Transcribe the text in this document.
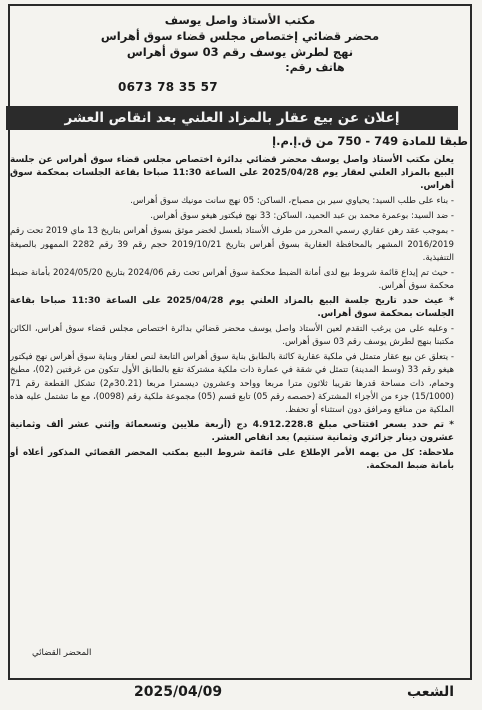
مكتب الأستاذ واصل يوسف
محضر قضائي إختصاص مجلس قضاء سوق أهراس
نهج لطرش يوسف رقم 03 سوق أهراس
هاتف رقم:
0673 78 35 57
إعلان عن بيع عقار بالمزاد العلني بعد انقاص العشر
طبقا للمادة 749 - 750 من ق.إ.م.إ

يعلن مكتب الأستاذ واصل يوسف محضر قضائي بدائرة اختصاص مجلس قضاء سوق أهراس عن جلسة البيع بالمزاد العلني لعقار يوم 2025/04/28 على الساعة 11:30 صباحا بقاعة الجلسات بمحكمة سوق أهراس.

- بناء على طلب السيد: يحياوي سير بن مصباح، الساكن: 05 نهج سانت مونيك سوق أهراس.

- ضد السيد: بوعمرة محمد بن عبد الحميد، الساكن: 33 نهج فيكتور هيغو سوق أهراس.

- بموجب عقد رهن عقاري رسمي المحرر من طرف الأستاذ بلعسل لخضر موثق بسوق أهراس بتاريخ 13 ماي 2019 تحت رقم 2016/2019 المشهر بالمحافظة العقارية بسوق أهراس بتاريخ 2019/10/21 حجم رقم 39 رقم 2282 الممهور بالصيغة التنفيذية.

- حيث تم إيداع قائمة شروط بيع لدى أمانة الضبط محكمة سوق أهراس تحت رقم 2024/06 بتاريخ 2024/05/20 بأمانة ضبط محكمة سوق أهراس.

* عيث حدد تاريخ جلسة البيع بالمزاد العلني يوم 2025/04/28 على الساعة 11:30 صباحا بقاعة الجلسات بمحكمة سوق أهراس.

- وعليه على من يرغب التقدم لعين الأستاذ واصل يوسف محضر قضائي بدائرة اختصاص مجلس قضاء سوق أهراس، الكائن مكتبنا بنهج لطرش يوسف رقم 03 سوق أهراس.

- يتعلق عن بيع عقار متمثل في ملكية عقارية كائنة بالطابق بناية سوق أهراس التابعة لنص لعقار وبناية سوق أهراس نهج فيكتور هيغو رقم 33 (وسط المدينة) تتمثل في شقة في عمارة ذات ملكية مشتركة تقع بالطابق الأول تتكون من غرفتين (02)، مطبخ وحمام، ذات مساحة قدرها تقريبا ثلاثون مترا مربعا وواحد وعشرون ديسمترا مربعا (30.21م2) تشكل القطعة رقم 71 (15/1000) جزء من الأجزاء المشتركة (حصصه رقم 05) تابع قسم (05) مجموعة ملكية رقم (0098)، مع ما تشتمل عليه هذه الملكية من منافع ومرافق دون استثناء أو تحفظ.

* تم حدد بسعر افتتاحي مبلغ 4.912.228.8 دج (أربعة ملايين وتسعمائة وإثني عشر ألف وثمانية عشرون دينار جزائري وثمانية سنتيم) بعد انقاص العشر.

ملاحظة: كل من يهمه الأمر الإطلاع على قائمة شروط البيع بمكتب المحضر القضائي المذكور أعلاه أو بأمانة ضبط المحكمة.

المحضر القضائي
الشعب
2025/04/09
